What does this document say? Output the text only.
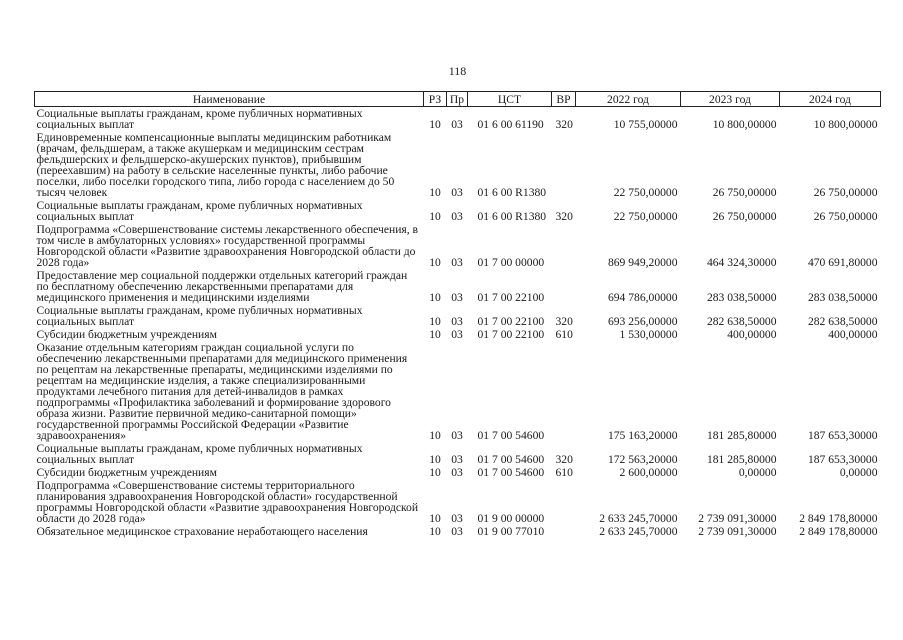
118
Наименование	РЗ	Пр	ЦСТ	ВР	2022 год	2023 год	2024 год
Социальные выплаты гражданам, кроме публичных нормативных социальных выплат	10	03	01 6 00 61190	320	10 755,00000	10 800,00000	10 800,00000
Единовременные компенсационные выплаты медицинским работникам (врачам, фельдшерам, а также акушеркам и медицинским сестрам фельдшерских и фельдшерско-акушерских пунктов), прибывшим (переехавшим) на работу в сельские населенные пункты, либо рабочие поселки, либо поселки городского типа, либо города с населением до 50 тысяч человек	10	03	01 6 00 R1380		22 750,00000	26 750,00000	26 750,00000
Социальные выплаты гражданам, кроме публичных нормативных социальных выплат	10	03	01 6 00 R1380	320	22 750,00000	26 750,00000	26 750,00000
Подпрограмма «Совершенствование системы лекарственного обеспечения, в том числе в амбулаторных условиях» государственной программы Новгородской области «Развитие здравоохранения Новгородской области до 2028 года»	10	03	01 7 00 00000		869 949,20000	464 324,30000	470 691,80000
Предоставление мер социальной поддержки отдельных категорий граждан по бесплатному обеспечению лекарственными препаратами для медицинского применения и медицинскими изделиями	10	03	01 7 00 22100		694 786,00000	283 038,50000	283 038,50000
Социальные выплаты гражданам, кроме публичных нормативных социальных выплат	10	03	01 7 00 22100	320	693 256,00000	282 638,50000	282 638,50000
Субсидии бюджетным учреждениям	10	03	01 7 00 22100	610	1 530,00000	400,00000	400,00000
Оказание отдельным категориям граждан социальной услуги по обеспечению лекарственными препаратами для медицинского применения по рецептам на лекарственные препараты, медицинскими изделиями по рецептам на медицинские изделия, а также специализированными продуктами лечебного питания для детей-инвалидов в рамках подпрограммы «Профилактика заболеваний и формирование здорового образа жизни. Развитие первичной медико-санитарной помощи» государственной программы Российской Федерации «Развитие здравоохранения»	10	03	01 7 00 54600		175 163,20000	181 285,80000	187 653,30000
Социальные выплаты гражданам, кроме публичных нормативных социальных выплат	10	03	01 7 00 54600	320	172 563,20000	181 285,80000	187 653,30000
Субсидии бюджетным учреждениям	10	03	01 7 00 54600	610	2 600,00000	0,00000	0,00000
Подпрограмма «Совершенствование системы территориального планирования здравоохранения Новгородской области» государственной программы Новгородской области «Развитие здравоохранения Новгородской области до 2028 года»	10	03	01 9 00 00000		2 633 245,70000	2 739 091,30000	2 849 178,80000
Обязательное медицинское страхование неработающего населения	10	03	01 9 00 77010		2 633 245,70000	2 739 091,30000	2 849 178,80000
